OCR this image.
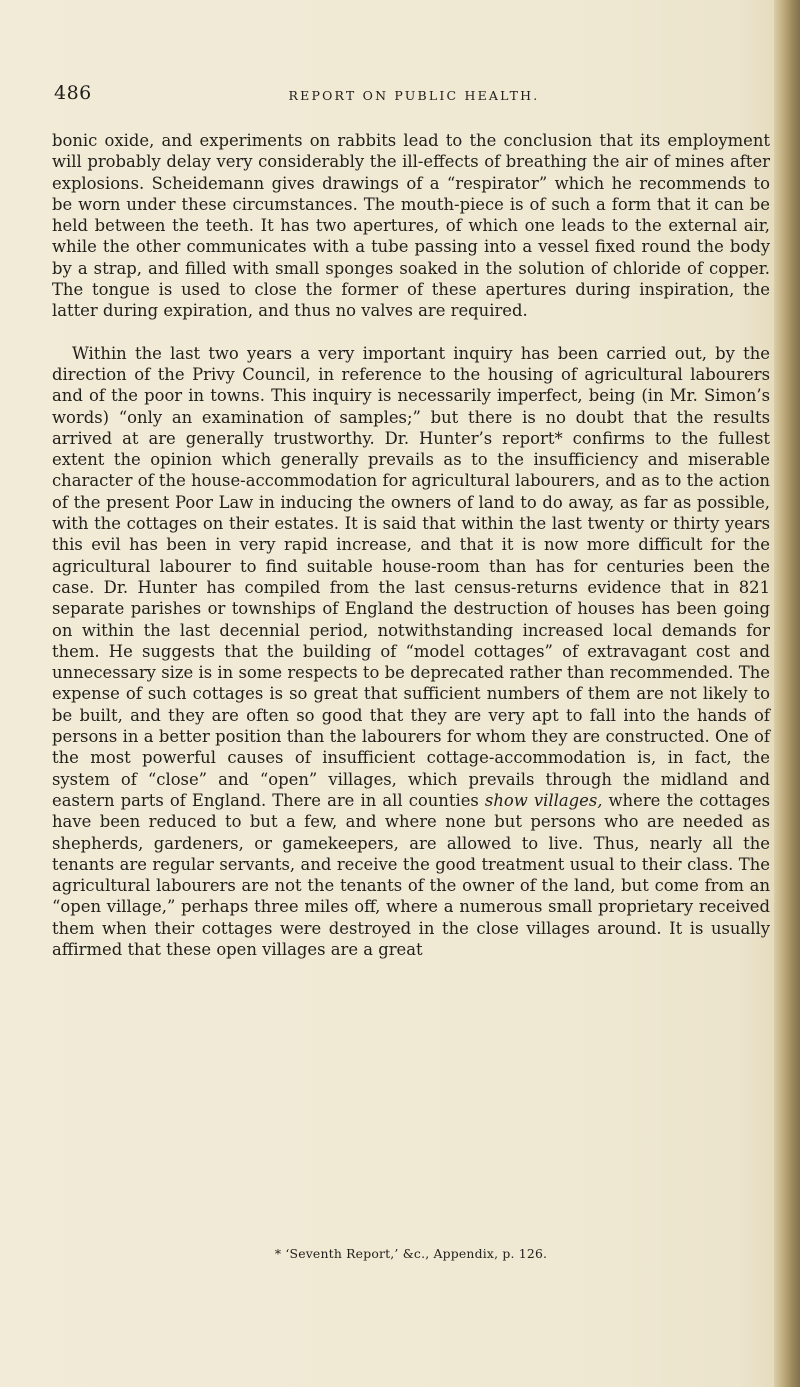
486	REPORT ON PUBLIC HEALTH.

bonic oxide, and experiments on rabbits lead to the conclusion that its employment will probably delay very considerably the ill-effects of breathing the air of mines after explosions. Scheidemann gives drawings of a “respirator” which he recommends to be worn under these circumstances. The mouth-piece is of such a form that it can be held between the teeth. It has two apertures, of which one leads to the external air, while the other communicates with a tube passing into a vessel fixed round the body by a strap, and filled with small sponges soaked in the solution of chloride of copper. The tongue is used to close the former of these apertures during inspiration, the latter during expiration, and thus no valves are required.

Within the last two years a very important inquiry has been carried out, by the direction of the Privy Council, in reference to the housing of agricultural labourers and of the poor in towns. This inquiry is necessarily imperfect, being (in Mr. Simon’s words) “only an examination of samples;” but there is no doubt that the results arrived at are generally trustworthy. Dr. Hunter’s report* confirms to the fullest extent the opinion which generally prevails as to the insufficiency and miserable character of the house-accommodation for agricultural labourers, and as to the action of the present Poor Law in inducing the owners of land to do away, as far as possible, with the cottages on their estates. It is said that within the last twenty or thirty years this evil has been in very rapid increase, and that it is now more difficult for the agricultural labourer to find suitable house-room than has for centuries been the case. Dr. Hunter has compiled from the last census-returns evidence that in 821 separate parishes or townships of England the destruction of houses has been going on within the last decennial period, notwithstanding increased local demands for them. He suggests that the building of “model cottages” of extravagant cost and unnecessary size is in some respects to be deprecated rather than recommended. The expense of such cottages is so great that sufficient numbers of them are not likely to be built, and they are often so good that they are very apt to fall into the hands of persons in a better position than the labourers for whom they are constructed. One of the most powerful causes of insufficient cottage-accommodation is, in fact, the system of “close” and “open” villages, which prevails through the midland and eastern parts of England. There are in all counties show villages, where the cottages have been reduced to but a few, and where none but persons who are needed as shepherds, gardeners, or gamekeepers, are allowed to live. Thus, nearly all the tenants are regular servants, and receive the good treatment usual to their class. The agricultural labourers are not the tenants of the owner of the land, but come from an “open village,” perhaps three miles off, where a numerous small proprietary received them when their cottages were destroyed in the close villages around. It is usually affirmed that these open villages are a great

* ‘Seventh Report,’ &c., Appendix, p. 126.
